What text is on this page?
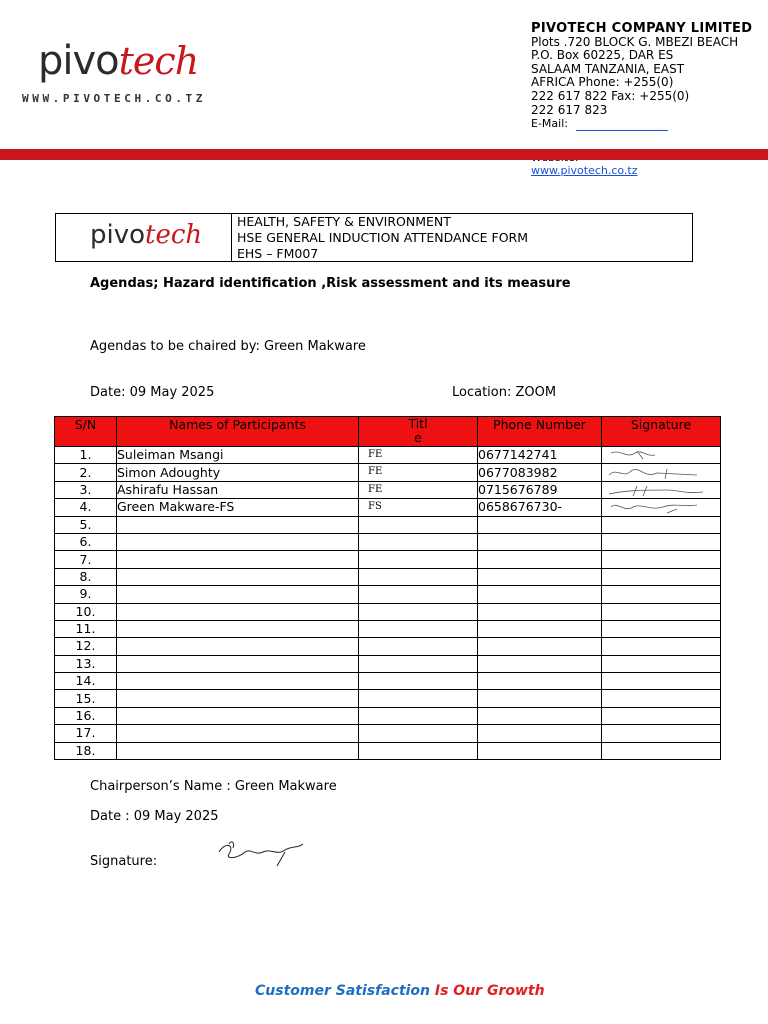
pivotech
WWW.PIVOTECH.CO.TZ
PIVOTECH COMPANY LIMITED
Plots .720 BLOCK G. MBEZI BEACH
P.O. Box 60225, DAR ES
SALAAM TANZANIA, EAST
AFRICA Phone: +255(0)
222 617 822 Fax: +255(0)
222 617 823
E-Mail:
www.pivotech.co.tz
pivotech	HEALTH, SAFETY & ENVIRONMENT
HSE GENERAL INDUCTION ATTENDANCE FORM
EHS – FM007
Agendas; Hazard identification ,Risk assessment and its measure
Agendas to be chaired by: Green Makware
Date: 09 May 2025	Location: ZOOM
S/N	Names of Participants	Titl e	Phone Number	Signature
1.	Suleiman Msangi	FE	0677142741	

2.	Simon Adoughty	FE	0677083982	

3.	Ashirafu Hassan	FE	0715676789	

4.	Green Makware-FS	FS	0658676730-	

5.				
6.				
7.				
8.				
9.				
10.				
11.				
12.				
13.				
14.				
15.				
16.				
17.				
18.				
Chairperson’s Name : Green Makware
Date : 09 May 2025
Signature:
Customer Satisfaction Is Our Growth
